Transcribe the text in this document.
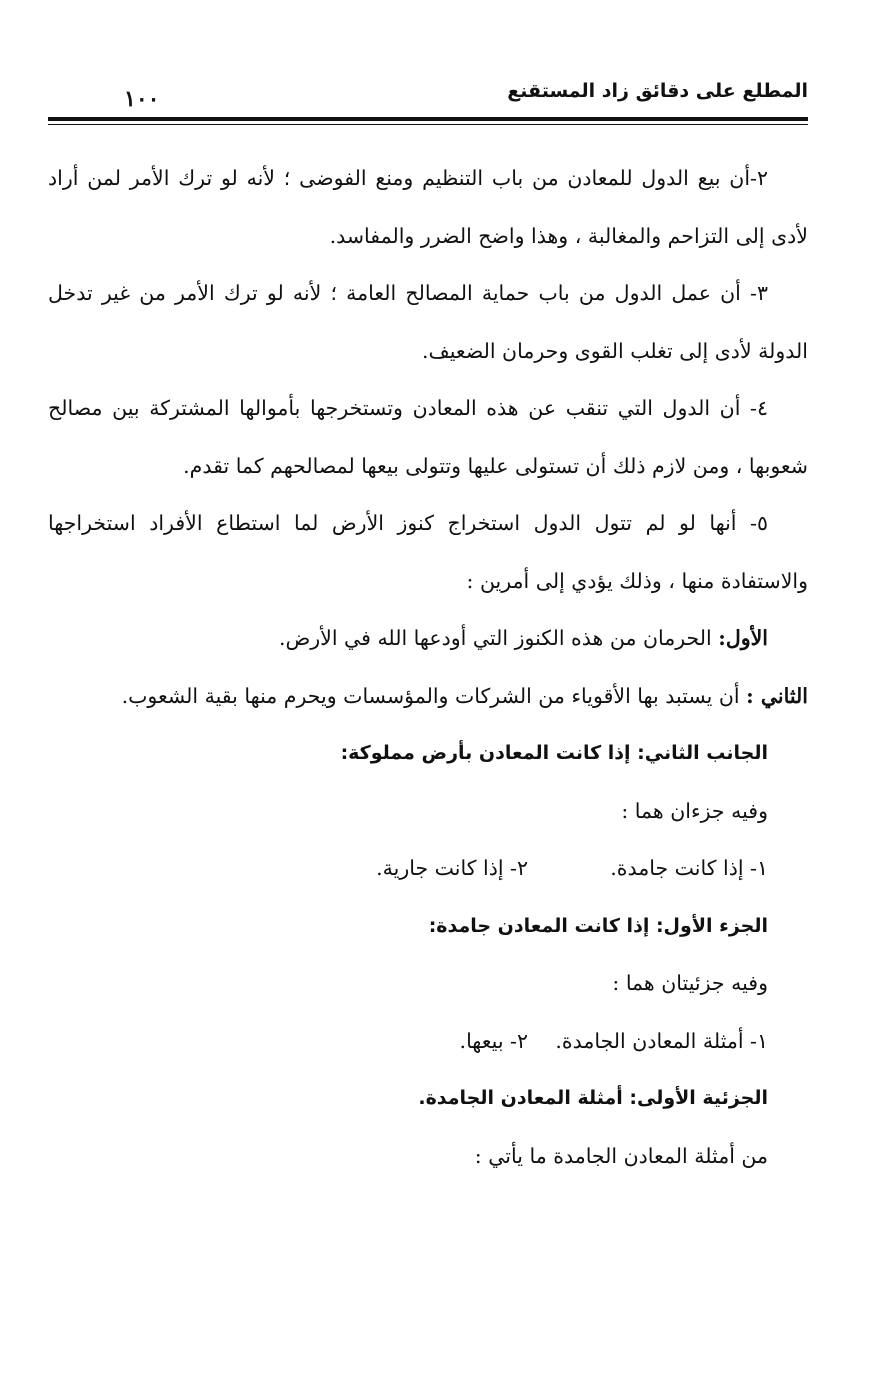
المطلع على دقائق زاد المستقنع
١٠٠

٢-أن بيع الدول للمعادن من باب التنظيم ومنع الفوضى ؛ لأنه لو ترك الأمر لمن أراد لأدى إلى التزاحم والمغالبة ، وهذا واضح الضرر والمفاسد.

٣- أن عمل الدول من باب حماية المصالح العامة ؛ لأنه لو ترك الأمر من غير تدخل الدولة لأدى إلى تغلب القوى وحرمان الضعيف.

٤- أن الدول التي تنقب عن هذه المعادن وتستخرجها بأموالها المشتركة بين مصالح شعوبها ، ومن لازم ذلك أن تستولى عليها وتتولى بيعها لمصالحهم كما تقدم.

٥- أنها لو لم تتول الدول استخراج كنوز الأرض لما استطاع الأفراد استخراجها والاستفادة منها ، وذلك يؤدي إلى أمرين :

الأول: الحرمان من هذه الكنوز التي أودعها الله في الأرض.

الثاني : أن يستبد بها الأقوياء من الشركات والمؤسسات ويحرم منها بقية الشعوب.

الجانب الثاني: إذا كانت المعادن بأرض مملوكة:
وفيه جزءان هما :
١- إذا كانت جامدة.
٢- إذا كانت جارية.
الجزء الأول: إذا كانت المعادن جامدة:
وفيه جزئيتان هما :
١- أمثلة المعادن الجامدة.
٢- بيعها.
الجزئية الأولى: أمثلة المعادن الجامدة.
من أمثلة المعادن الجامدة ما يأتي :
